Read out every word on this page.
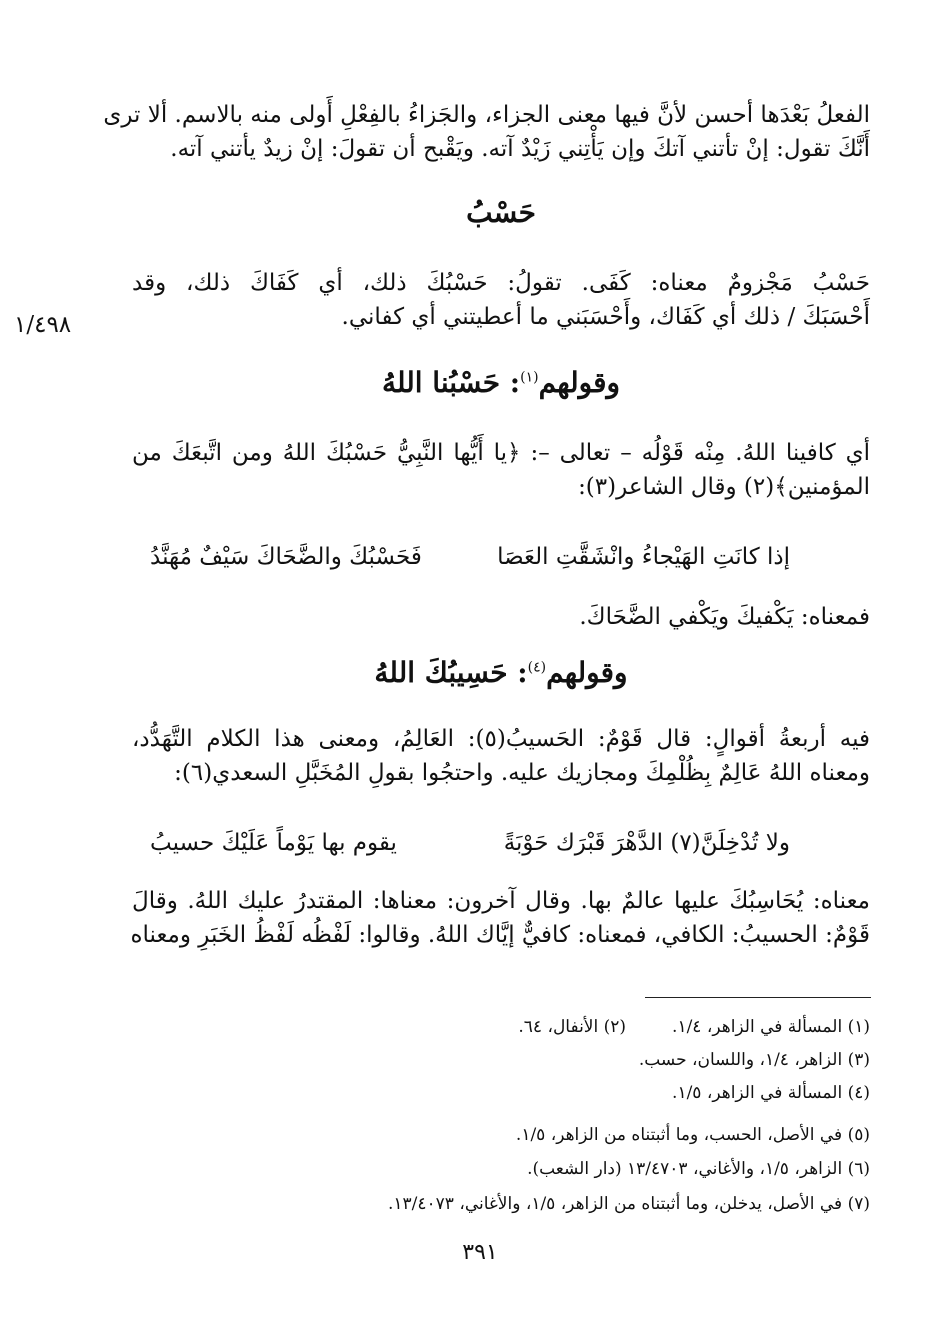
الفعلُ بَعْدَها أحسن لأنَّ فيها معنى الجزاء، والجَزاءُ بالفِعْلِ أَولى منه بالاسم. ألا ترى
أَنَّكَ تقول: إنْ تأتني آتكَ وإن يَأْتِني زَيْدٌ آته. ويَقْبح أن تقولَ: إنْ زيدٌ يأتني آته.
حَسْبُ
حَسْبُ مَجْزومٌ معناه: كَفَى. تقولُ: حَسْبُكَ ذلك، أي كَفَاكَ ذلك، وقد
أَحْسَبَكَ / ذلك أي كَفَاك، وأَحْسَبَني ما أعطيتني أي كفاني.
١/٤٩٨
وقولهم$^{(١)}$: حَسْبُنا اللهُ
أي كافينا اللهُ. مِنْه قَوْلُه – تعالى –: ﴿يا أَيُّها النَّبِيُّ حَسْبُكَ اللهُ ومن اتَّبعَكَ من
المؤمنين﴾(٢) وقال الشاعر(٣):
إذا كانَتِ الهَيْجاءُ وانْشَقَّتِ العَصَا
فَحَسْبُكَ والضَّحَاكَ سَيْفٌ مُهَنَّدُ
فمعناه: يَكْفيكَ ويَكْفي الضَّحَاكَ.
وقولهم$^{(٤)}$: حَسِيبُكَ اللهُ
فيه أربعةُ أقوالٍ: قال قَوْمٌ: الحَسيبُ(٥): العَالِمُ، ومعنى هذا الكلام التَّهَدُّد،
ومعناه اللهُ عَالِمٌ بِظُلْمِكَ ومجازيك عليه. واحتجُوا بقولِ المُخَبَّلِ السعدي(٦):
ولا تُدْخِلَنَّ(٧) الدَّهْرَ قَبْرَك حَوْبَةً
يقوم بها يَوْماً عَلَيْكَ حسيبُ
معناه: يُحَاسِبُكَ عليها عالمٌ بها. وقال آخرون: معناها: المقتدرُ عليك اللهُ. وقالَ
قَوْمٌ: الحسيبُ: الكافي، فمعناه: كافيٌّ إيَّاك اللهُ. وقالوا: لَفْظُه لَفْظُ الخَبَرِ ومعناه
(١) المسألة في الزاهر، ١/٤.
(٢) الأنفال، ٦٤.
(٣) الزاهر، ١/٤، واللسان، حسب.
(٤) المسألة في الزاهر، ١/٥.
(٥) في الأصل، الحسب، وما أثبتناه من الزاهر، ١/٥.
(٦) الزاهر، ١/٥، والأغاني، ١٣/٤٧٠٣ (دار الشعب).
(٧) في الأصل، يدخلن، وما أثبتناه من الزاهر، ١/٥، والأغاني، ١٣/٤٠٧٣.
٣٩١
